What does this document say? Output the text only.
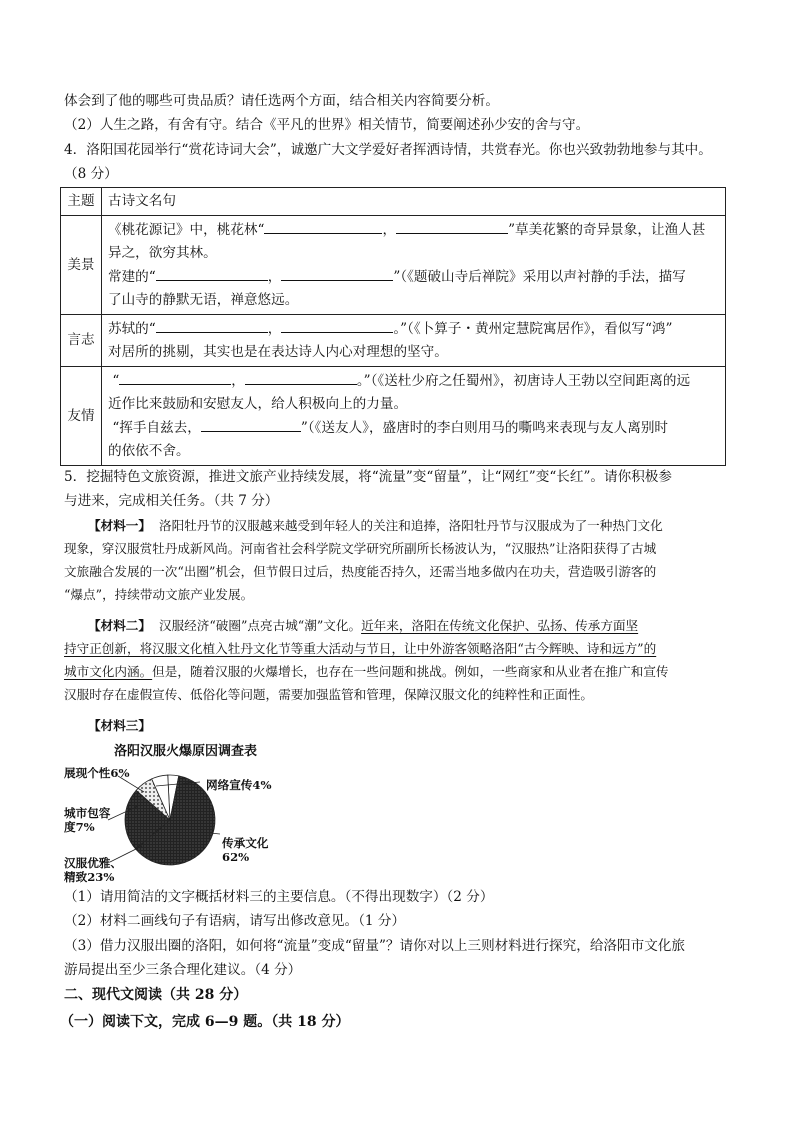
体会到了他的哪些可贵品质？请任选两个方面，结合相关内容简要分析。
（2）人生之路，有舍有守。结合《平凡的世界》相关情节，简要阐述孙少安的舍与守。
4．洛阳国花园举行“赏花诗词大会”，诚邀广大文学爱好者挥洒诗情，共赏春光。你也兴致勃勃地参与其中。
（8 分）
主题	古诗文名句
美景	《桃花源记》中，桃花林“ ， ”草美花繁的奇异景象，让渔人甚
异之，欲穷其林。
常建的“ ， ”（《题破山寺后禅院》采用以声衬静的手法，描写
了山寺的静默无语，禅意悠远。

言志	苏轼的“ ， 。”（《卜算子・黄州定慧院寓居作》，看似写“鸿”
对居所的挑剔，其实也是在表达诗人内心对理想的坚守。

友情	“ ， 。”（《送杜少府之任蜀州》，初唐诗人王勃以空间距离的远
近作比来鼓励和安慰友人，给人积极向上的力量。
“挥手自兹去， ”（《送友人》，盛唐时的李白则用马的嘶鸣来表现与友人离别时
的依依不舍。
5．挖掘特色文旅资源，推进文旅产业持续发展，将“流量”变“留量”，让“网红”变“长红”。请你积极参
与进来，完成相关任务。（共 7 分）
【材料一】 洛阳牡丹节的汉服越来越受到年轻人的关注和追捧，洛阳牡丹节与汉服成为了一种热门文化
现象，穿汉服赏牡丹成新风尚。河南省社会科学院文学研究所副所长杨波认为，“汉服热”让洛阳获得了古城
文旅融合发展的一次“出圈”机会，但节假日过后，热度能否持久，还需当地多做内在功夫，营造吸引游客的
“爆点”，持续带动文旅产业发展。
【材料二】 汉服经济“破圈”点亮古城“潮”文化。近年来，洛阳在传统文化保护、弘扬、传承方面坚
持守正创新，将汉服文化植入牡丹文化节等重大活动与节日，让中外游客领略洛阳“古今辉映、诗和远方”的
城市文化内涵。但是，随着汉服的火爆增长，也存在一些问题和挑战。例如，一些商家和从业者在推广和宣传
汉服时存在虚假宣传、低俗化等问题，需要加强监管和管理，保障汉服文化的纯粹性和正面性。
【材料三】
洛阳汉服火爆原因调查表
展现个性6%
网络宣传4%
城市包容
度7%
传承文化
62%
汉服优雅、
精致23%
（1）请用简洁的文字概括材料三的主要信息。（不得出现数字）（2 分）
（2）材料二画线句子有语病，请写出修改意见。（1 分）
（3）借力汉服出圈的洛阳，如何将“流量”变成“留量”？请你对以上三则材料进行探究，给洛阳市文化旅
游局提出至少三条合理化建议。（4 分）
二、现代文阅读（共 28 分）
（一）阅读下文，完成 6—9 题。（共 18 分）
